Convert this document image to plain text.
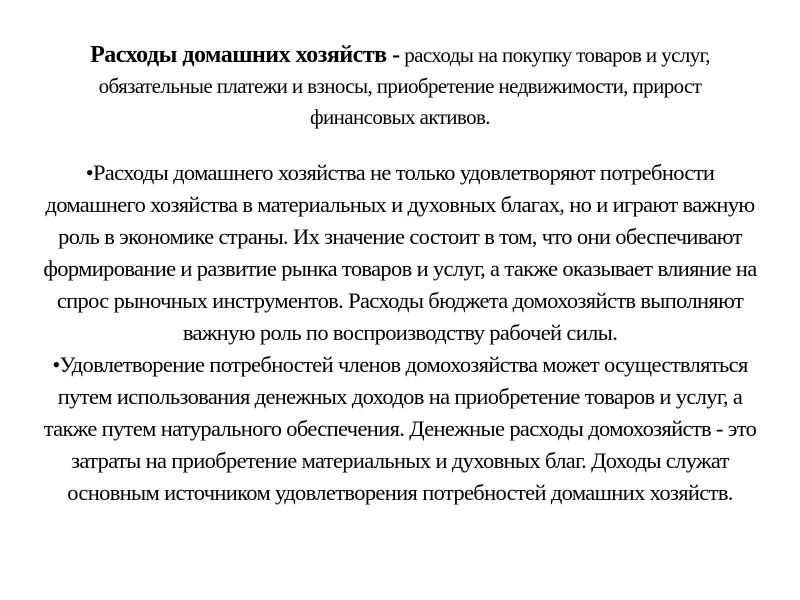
Расходы домашних хозяйств - расходы на покупку товаров и услуг, обязательные платежи и взносы, приобретение недвижимости, прирост финансовых активов.

•Расходы домашнего хозяйства не только удовлетворяют потребности домашнего хозяйства в материальных и духовных благах, но и играют важную роль в экономике страны. Их значение состоит в том, что они обеспечивают формирование и развитие рынка товаров и услуг, а также оказывает влияние на спрос рыночных инструментов. Расходы бюджета домохозяйств выполняют важную роль по воспроизводству рабочей силы.

•Удовлетворение потребностей членов домохозяйства может осуществляться путем использования денежных доходов на приобретение товаров и услуг, а также путем натурального обеспечения. Денежные расходы домохозяйств - это затраты на приобретение материальных и духовных благ. Доходы служат основным источником удовлетворения потребностей домашних хозяйств.
